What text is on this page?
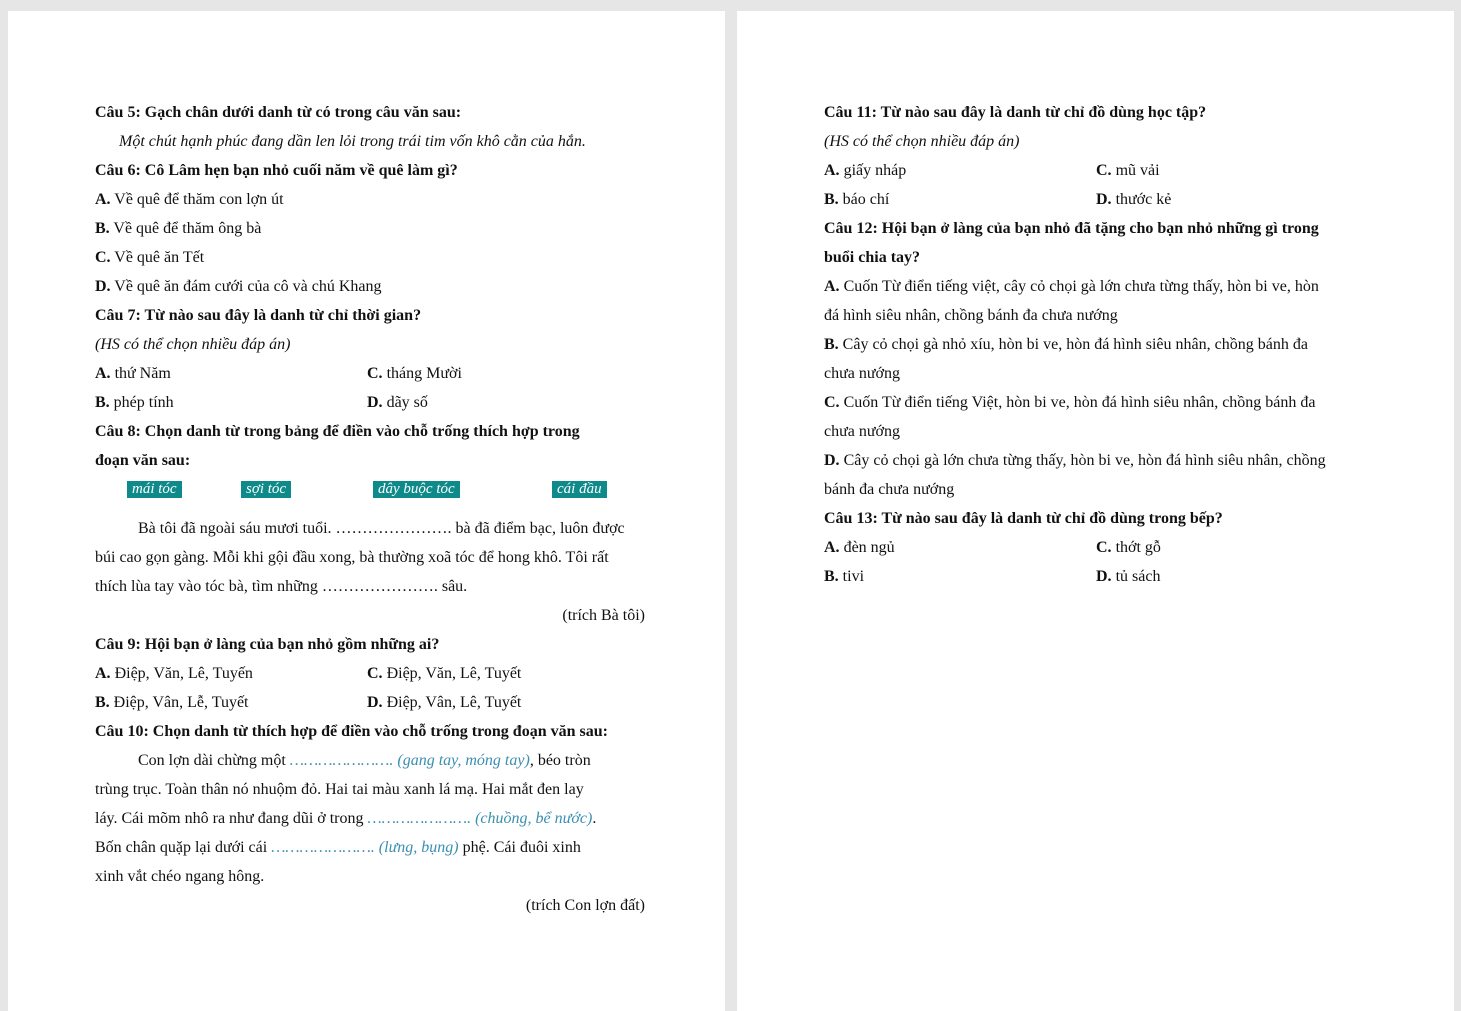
Câu 5: Gạch chân dưới danh từ có trong câu văn sau:
Một chút hạnh phúc đang dần len lỏi trong trái tim vốn khô cằn của hắn.
Câu 6: Cô Lâm hẹn bạn nhỏ cuối năm về quê làm gì?
A. Về quê để thăm con lợn út
B. Về quê để thăm ông bà
C. Về quê ăn Tết
D. Về quê ăn đám cưới của cô và chú Khang
Câu 7: Từ nào sau đây là danh từ chỉ thời gian?
(HS có thể chọn nhiều đáp án)
A. thứ Năm	C. tháng Mười
B. phép tính	D. dãy số
Câu 8: Chọn danh từ trong bảng để điền vào chỗ trống thích hợp trong
đoạn văn sau:
mái tóc	sợi tóc	dây buộc tóc	cái đầu
Bà tôi đã ngoài sáu mươi tuổi. …………………. bà đã điểm bạc, luôn được
búi cao gọn gàng. Mỗi khi gội đầu xong, bà thường xoã tóc để hong khô. Tôi rất
thích lùa tay vào tóc bà, tìm những …………………. sâu.
(trích Bà tôi)
Câu 9: Hội bạn ở làng của bạn nhỏ gồm những ai?
A. Điệp, Văn, Lê, Tuyến	C. Điệp, Văn, Lê, Tuyết
B. Điệp, Vân, Lễ, Tuyết	D. Điệp, Vân, Lê, Tuyết
Câu 10: Chọn danh từ thích hợp để điền vào chỗ trống trong đoạn văn sau:
Con lợn dài chừng một …………………. (gang tay, móng tay), béo tròn
trùng trục. Toàn thân nó nhuộm đỏ. Hai tai màu xanh lá mạ. Hai mắt đen lay
láy. Cái mõm nhô ra như đang dũi ở trong …………………. (chuồng, bể nước).
Bốn chân quặp lại dưới cái …………………. (lưng, bụng) phệ. Cái đuôi xinh
xinh vắt chéo ngang hông.
(trích Con lợn đất)
Câu 11: Từ nào sau đây là danh từ chỉ đồ dùng học tập?
(HS có thể chọn nhiều đáp án)
A. giấy nháp	C. mũ vải
B. báo chí	D. thước kẻ
Câu 12: Hội bạn ở làng của bạn nhỏ đã tặng cho bạn nhỏ những gì trong
buổi chia tay?
A. Cuốn Từ điển tiếng việt, cây cỏ chọi gà lớn chưa từng thấy, hòn bi ve, hòn
đá hình siêu nhân, chồng bánh đa chưa nướng
B. Cây cỏ chọi gà nhỏ xíu, hòn bi ve, hòn đá hình siêu nhân, chồng bánh đa
chưa nướng
C. Cuốn Từ điển tiếng Việt, hòn bi ve, hòn đá hình siêu nhân, chồng bánh đa
chưa nướng
D. Cây cỏ chọi gà lớn chưa từng thấy, hòn bi ve, hòn đá hình siêu nhân, chồng
bánh đa chưa nướng
Câu 13: Từ nào sau đây là danh từ chỉ đồ dùng trong bếp?
A. đèn ngủ	C. thớt gỗ
B. tivi	D. tủ sách
